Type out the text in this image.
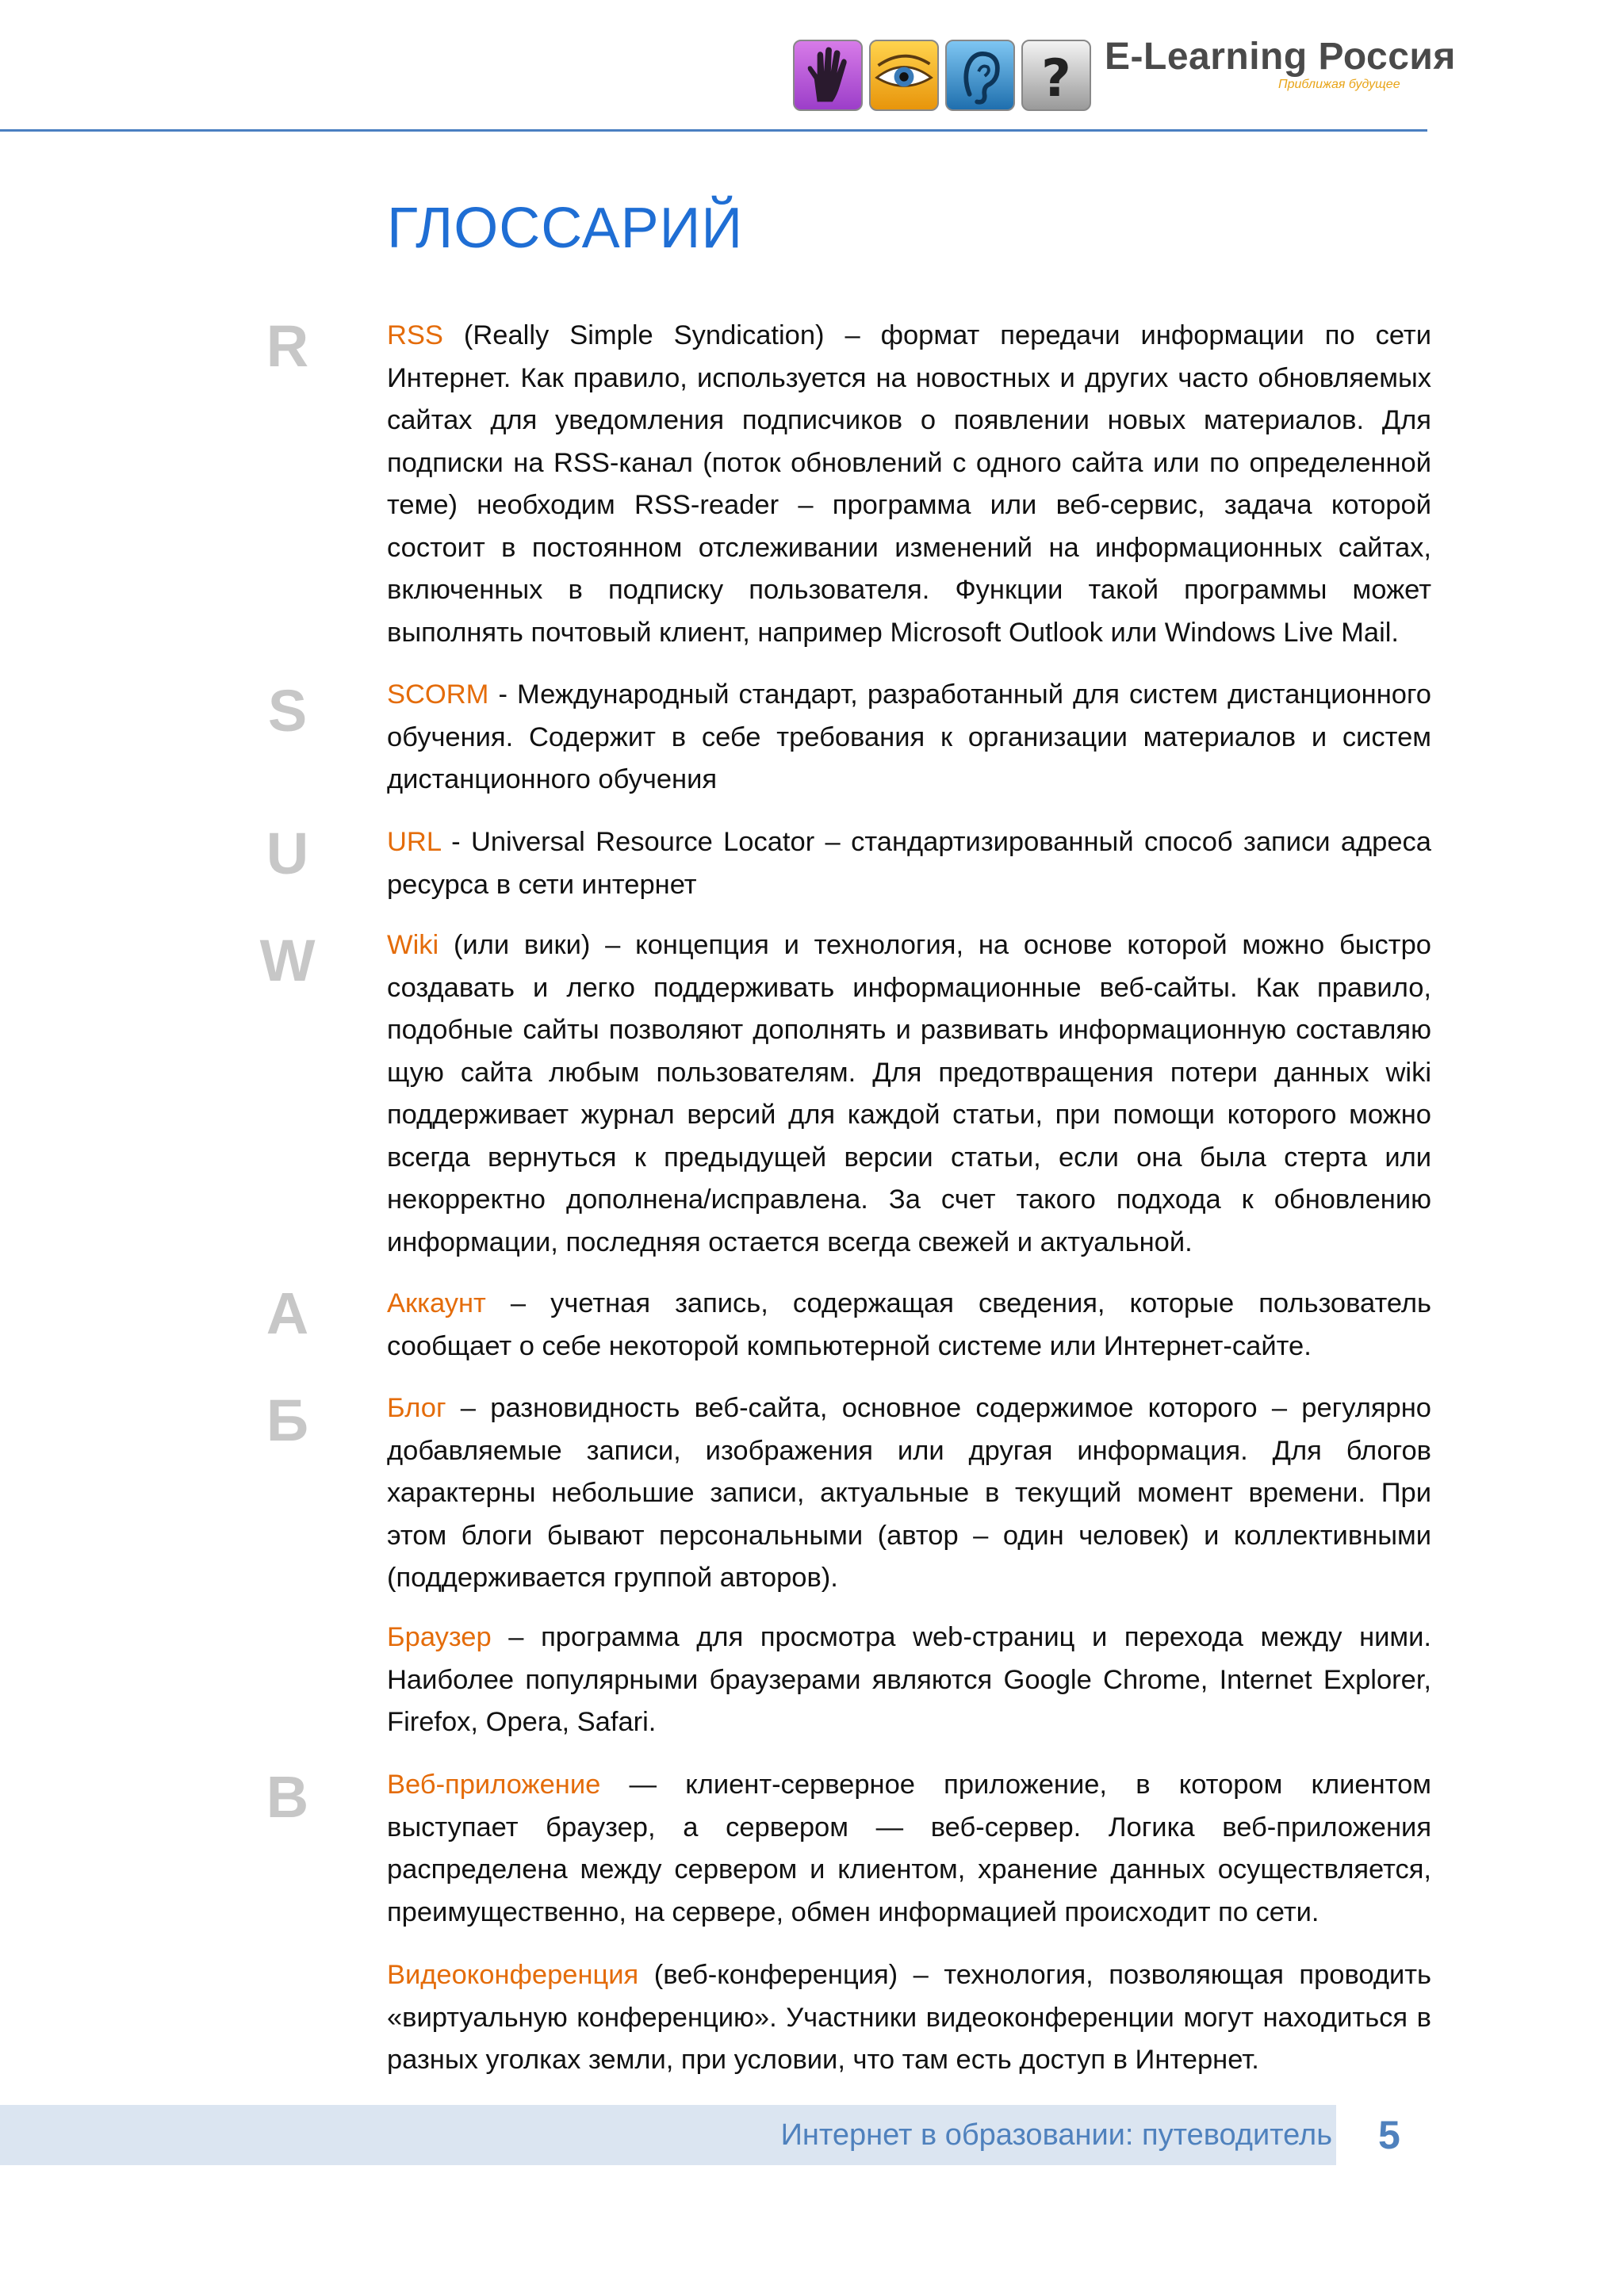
? E-Learning Россия
Приближая будущее
ГЛОССАРИЙ
R
S
U
W
А
Б
В

RSS (Really Simple Syndication) – формат передачи информации по сети Интернет. Как правило, используется на новостных и других часто обновляемых сайтах для уведомления подписчиков о появлении новых материалов. Для подписки на RSS-канал (поток обновлений с одного сайта или по определенной теме) необходим RSS-reader – программа или веб-сервис, задача которой состоит в постоянном отслеживании изменений на информационных сайтах, включенных в подписку пользователя. Функции такой программы может выполнять почтовый клиент, например Microsoft Outlook или Windows Live Mail.

SCORM - Международный стандарт, разработанный для систем дистанционного обучения. Содержит в себе требования к организации материалов и систем дистанционного обучения

URL - Universal Resource Locator – стандартизированный способ записи адреса ресурса в сети интернет

Wiki (или вики) – концепция и технология, на основе которой можно быстро создавать и легко поддерживать информационные веб-сайты. Как правило, подобные сайты позволяют дополнять и развивать информационную составляю щую сайта любым пользователям. Для предотвращения потери данных wiki поддерживает журнал версий для каждой статьи, при помощи которого можно всегда вернуться к предыдущей версии статьи, если она была стерта или некорректно дополнена/исправлена. За счет такого подхода к обновлению информации, последняя остается всегда свежей и актуальной.

Аккаунт – учетная запись, содержащая сведения, которые пользователь сообщает о себе некоторой компьютерной системе или Интернет-сайте.

Блог – разновидность веб-сайта, основное содержимое которого – регулярно добавляемые записи, изображения или другая информация. Для блогов характерны небольшие записи, актуальные в текущий момент времени. При этом блоги бывают персональными (автор – один человек) и коллективными (поддерживается группой авторов).

Браузер – программа для просмотра web-страниц и перехода между ними. Наиболее популярными браузерами являются Google Chrome, Internet Explorer, Firefox, Opera, Safari.

Веб-приложение — клиент-серверное приложение, в котором клиентом выступает браузер, а сервером — веб-сервер. Логика веб-приложения распределена между сервером и клиентом, хранение данных осуществляется, преимущественно, на сервере, обмен информацией происходит по сети.

Видеоконференция (веб-конференция) – технология, позволяющая проводить «виртуальную конференцию». Участники видеоконференции могут находиться в разных уголках земли, при условии, что там есть доступ в Интернет.

Интернет в образовании: путеводитель 5
